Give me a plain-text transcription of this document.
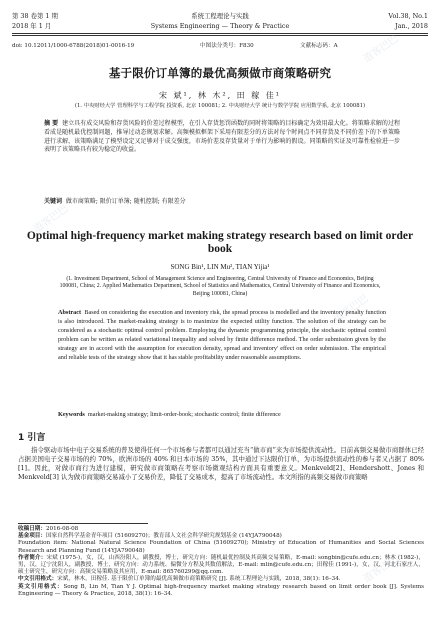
第 38 卷第 1 期	系统工程理论与实践	Vol.38, No.1
2018 年 1 月	Systems Engineering — Theory & Practice	Jan., 2018
doi: 10.12011/1000-6788(2018)01-0016-19	中图法分类号：F830	文献标志码：A
基于限价订单簿的最优高频做市商策略研究
宋 斌¹, 林 木², 田 稼 佳¹
(1. 中央财经大学 管理科学与工程学院 投资系, 北京 100081; 2. 中央财经大学 统计与数学学院 应用数学系, 北京 100081)
摘 要 建立具有成交风险和存货风险的价差过程模型，在引入存货惩罚函数的同时将策略的目标确定为效用最大化。将策略求解的过程看成是随机最优控制问题，推导过动态规划求解。高频模拟框架下采用有限差分的方法对每个时间点不同存货及不同价差下的下单策略进行求解，该策略满足了模型设定又足够对于成交强度，市场价差及存货量对于单行为影响的假设。同策略的实证及可靠性检验进一步表明了该策略具有较为稳定的收益。
关键词 做市商策略; 限价订单簿; 随机控制; 有限差分
Optimal high-frequency market making strategy research based on limit order book
SONG Bin¹, LIN Mu², TIAN Yijia¹
(1. Investment Department, School of Management Science and Engineering, Central University of Finance and Economics, Beijing 100081, China; 2. Applied Mathematics Department, School of Statistics and Mathematics, Central University of Finance and Economics, Beijing 100081, China)
Abstract Based on considering the execution and inventory risk, the spread process is modelled and the inventory penalty function is also introduced. The market-making strategy is to maximize the expected utility function. The solution of the strategy can be considered as a stochastic optimal control problem. Employing the dynamic programming principle, the stochastic optimal control problem can be written as related variational inequality and solved by finite difference method. The order submission given by the strategy are in accord with the assumption for execution density, spread and inventory' effect on order submission. The empirical and reliable tests of the strategy show that it has stable profitability under reasonable assumptions.
Keywords market-making strategy; limit-order-book; stochastic control; finite difference
1 引言
指令驱动市场中电子交易系统的普及使得任何一个市场参与者都可以通过充当“做市商”来为市场提供流动性。目前高频交易做市商群体已经占据美国电子交易市场的约 70%，欧洲市场的 40% 和日本市场的 35%，其中通过下达限价订单，为市场提供流动性的参与者又占据了 80%[1]。因此，对做市商行为进行建模，研究做市商策略在考察市场微观结构方面具有重要意义。Menkveld[2]、Hendershott、Jones 和 Menkveld[3] 认为做市商策略交易减小了交易价差，降低了交易成本，提高了市场流动性。本文所指的高频交易做市商策略
收稿日期：2016-08-08
基金项目：国家自然科学基金青年项目 (51609270)；教育部人文社会科学研究规划基金 (14YJA790048)
Foundation item: National Natural Science Foundation of China (51609270); Ministry of Education of Humanities and Social Sciences Research and Planning Fund (14YJA790048)
作者简介：宋斌 (1975-)，女，汉，山西汾阳人，副教授，博士，研究方向：随机最优控制及其高频交易策略，E-mail: songbin@cufe.edu.cn；林木 (1982-)，男，汉，辽宁沈阳人，副教授，博士，研究方向：动力系统、偏微分方程及其数值解法，E-mail: mlin@cufe.edu.cn；田稼佳 (1991-)，女，汉，河北石家庄人，硕士研究生，研究方向：高频交易策略及其应用，E-mail: 865760299@qq.com.
中文引用格式：宋斌，林木，田稼佳. 基于限价订单簿的最优高频做市商策略研究 [J]. 系统工程理论与实践，2018, 38(1): 16–34.
英文引用格式：Song B, Lin M, Tian Y J. Optimal high-frequency market making strategy research based on limit order book [J]. Systems Engineering — Theory & Practice, 2018, 38(1): 16–34.
道客巴巴
道客巴巴
道客巴巴
道客巴巴
道客巴巴
